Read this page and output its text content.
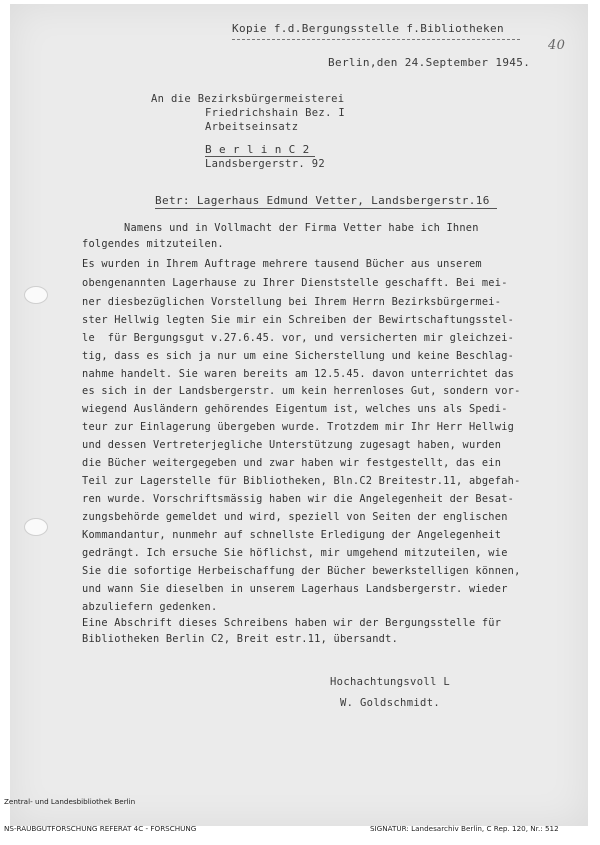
Kopie f.d.Bergungsstelle f.Bibliotheken
40
Berlin,den 24.September 1945.
An die Bezirksbürgermeisterei
Friedrichshain Bez. I
Arbeitseinsatz
B e r l i n C 2
Landsbergerstr. 92
Betr: Lagerhaus Edmund Vetter, Landsbergerstr.16
Namens und in Vollmacht der Firma Vetter habe ich Ihnen
folgendes mitzuteilen.
Es wurden in Ihrem Auftrage mehrere tausend Bücher aus unserem
obengenannten Lagerhause zu Ihrer Dienststelle geschafft. Bei mei-
ner diesbezüglichen Vorstellung bei Ihrem Herrn Bezirksbürgermei-
ster Hellwig legten Sie mir ein Schreiben der Bewirtschaftungsstel-
le  für Bergungsgut v.27.6.45. vor, und versicherten mir gleichzei-
tig, dass es sich ja nur um eine Sicherstellung und keine Beschlag-
nahme handelt. Sie waren bereits am 12.5.45. davon unterrichtet das
es sich in der Landsbergerstr. um kein herrenloses Gut, sondern vor-
wiegend Ausländern gehörendes Eigentum ist, welches uns als Spedi-
teur zur Einlagerung übergeben wurde. Trotzdem mir Ihr Herr Hellwig
und dessen Vertreterjegliche Unterstützung zugesagt haben, wurden
die Bücher weitergegeben und zwar haben wir festgestellt, das ein
Teil zur Lagerstelle für Bibliotheken, Bln.C2 Breitestr.11, abgefah-
ren wurde. Vorschriftsmässig haben wir die Angelegenheit der Besat-
zungsbehörde gemeldet und wird, speziell von Seiten der englischen
Kommandantur, nunmehr auf schnellste Erledigung der Angelegenheit
gedrängt. Ich ersuche Sie höflichst, mir umgehend mitzuteilen, wie
Sie die sofortige Herbeischaffung der Bücher bewerkstelligen können,
und wann Sie dieselben in unserem Lagerhaus Landsbergerstr. wieder
abzuliefern gedenken.
Eine Abschrift dieses Schreibens haben wir der Bergungsstelle für
Bibliotheken Berlin C2, Breit estr.11, übersandt.
Hochachtungsvoll L
W. Goldschmidt.

Zentral- und Landesbibliothek Berlin

NS-RAUBGUTFORSCHUNG REFERAT 4C - FORSCHUNG	SIGNATUR: Landesarchiv Berlin, C Rep. 120, Nr.: 512
